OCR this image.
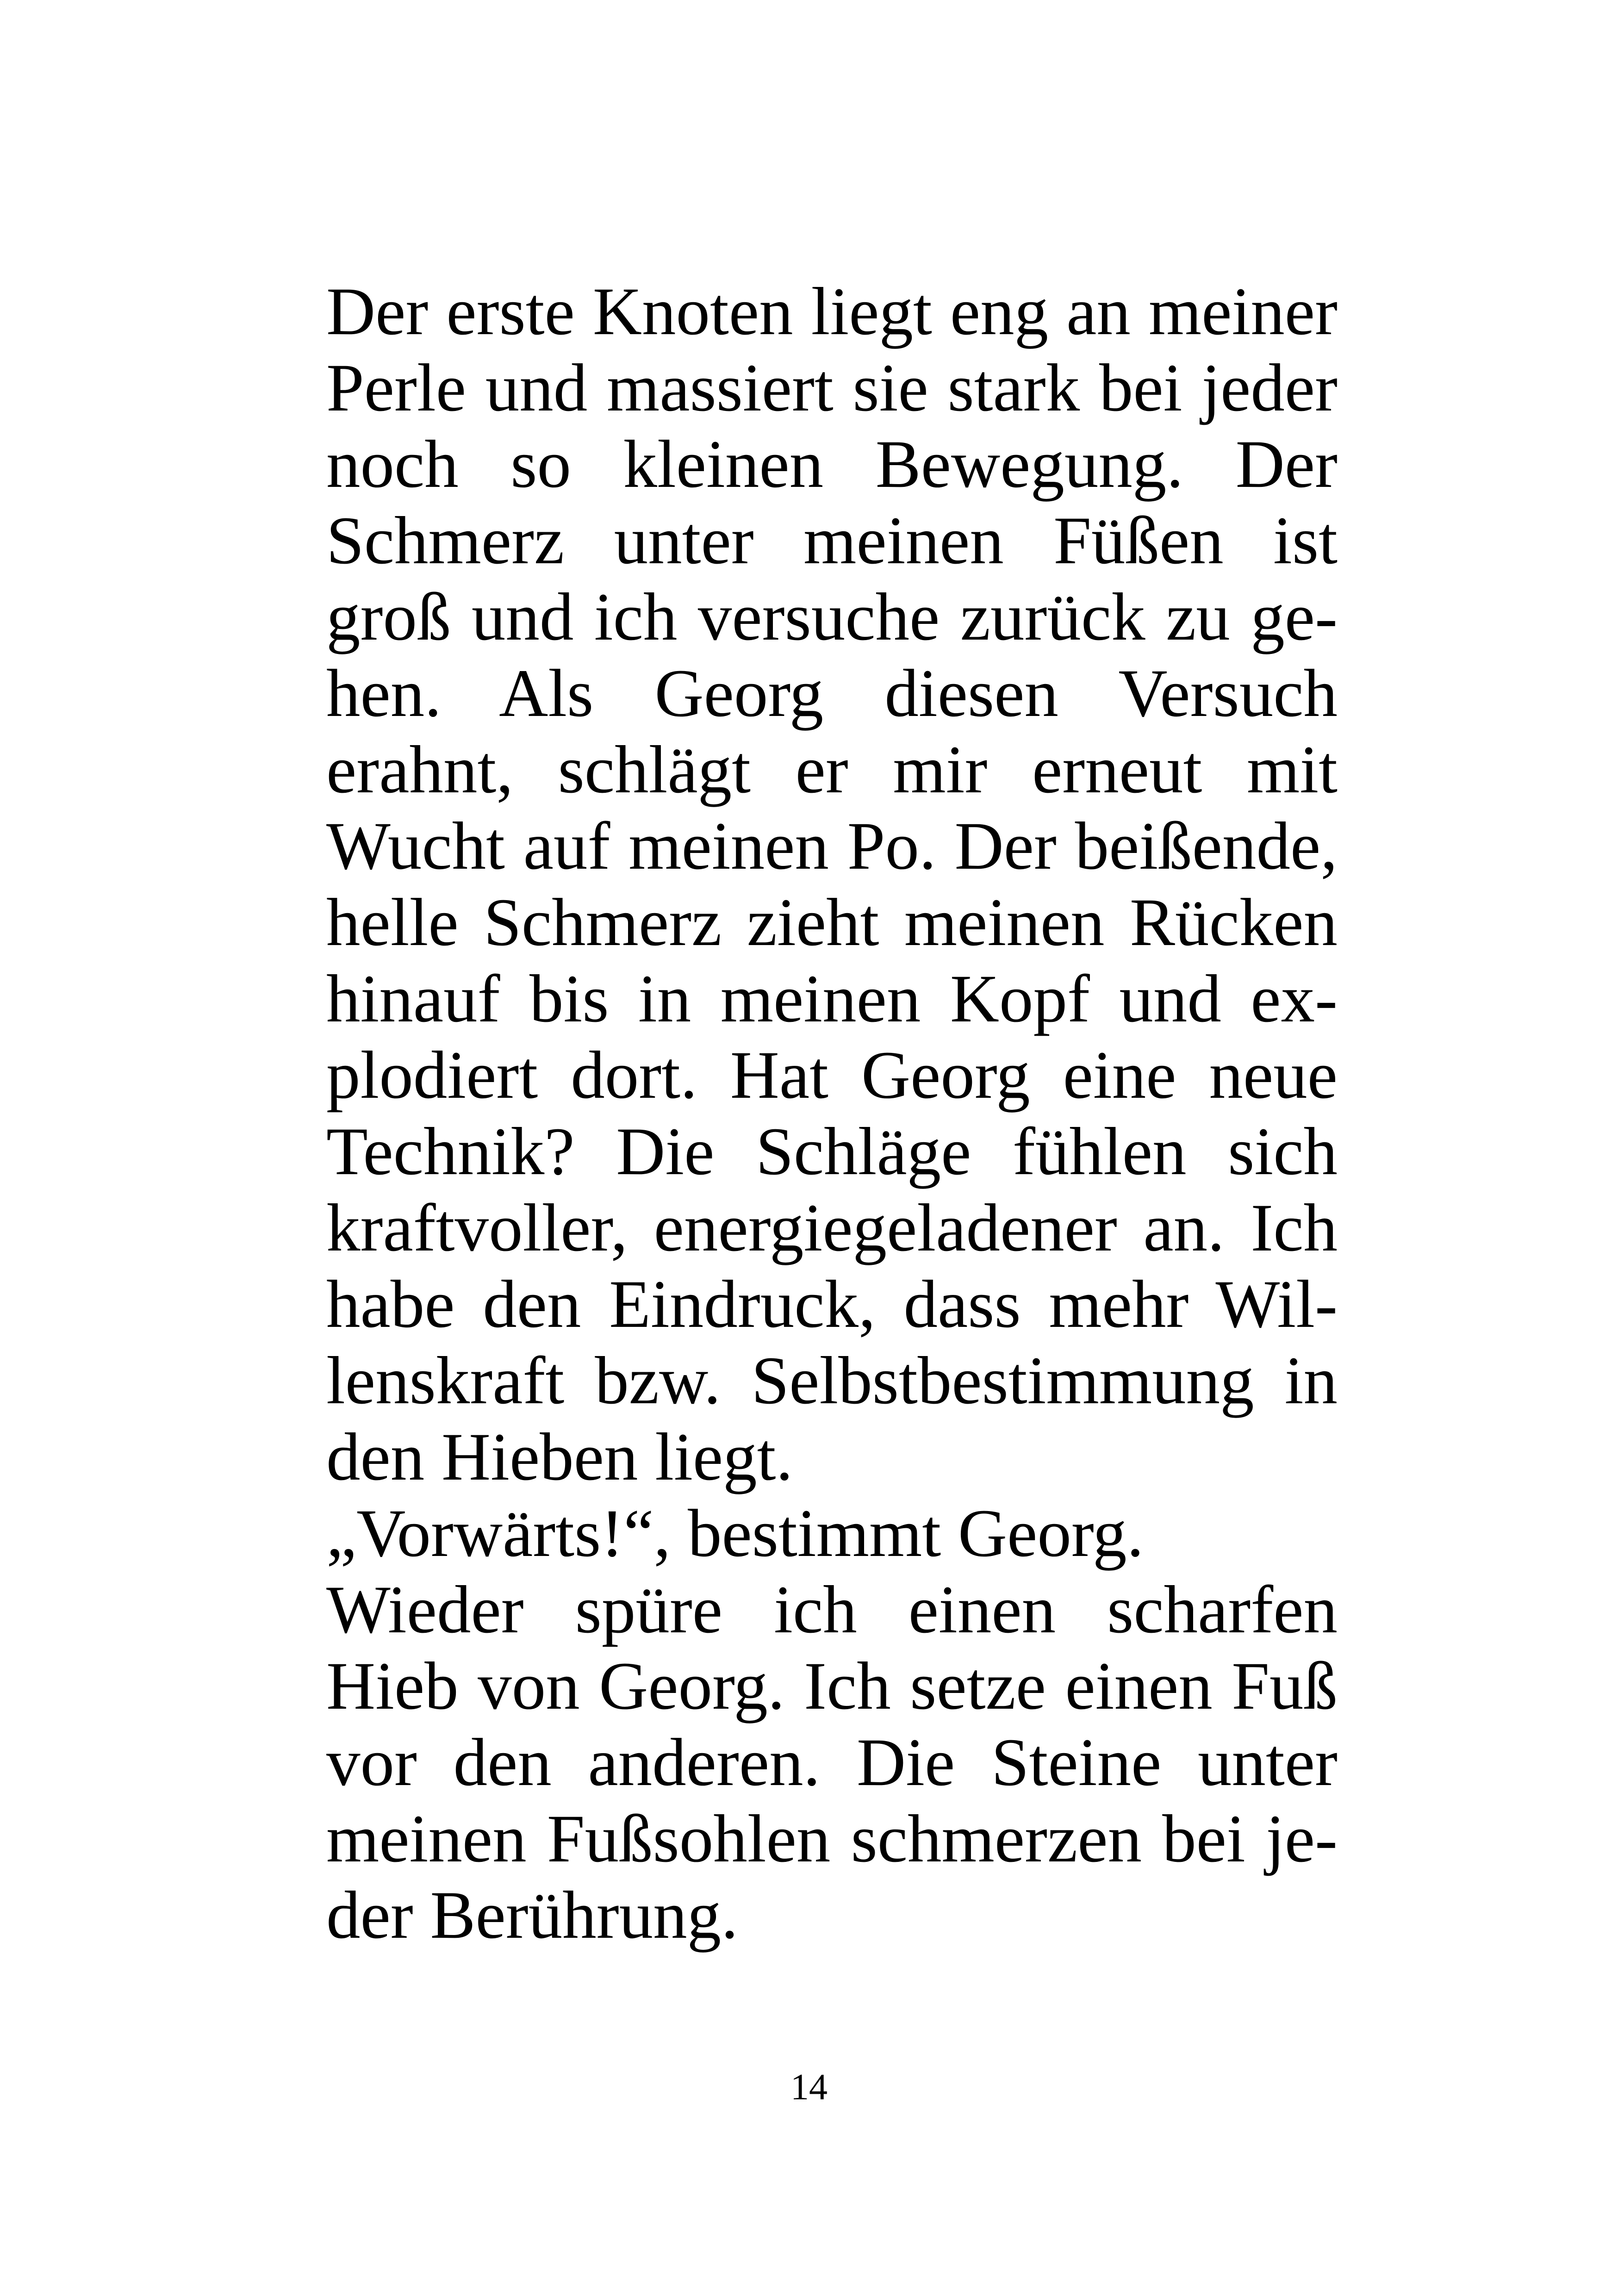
Der erste Knoten liegt eng an meiner
Perle und massiert sie stark bei jeder
noch so kleinen Bewegung. Der
Schmerz unter meinen Füßen ist
groß und ich versuche zurück zu ge-
hen. Als Georg diesen Versuch
erahnt, schlägt er mir erneut mit
Wucht auf meinen Po. Der beißende,
helle Schmerz zieht meinen Rücken
hinauf bis in meinen Kopf und ex-
plodiert dort. Hat Georg eine neue
Technik? Die Schläge fühlen sich
kraftvoller, energiegeladener an. Ich
habe den Eindruck, dass mehr Wil-
lenskraft bzw. Selbstbestimmung in
den Hieben liegt.
„Vorwärts!“, bestimmt Georg.
Wieder spüre ich einen scharfen
Hieb von Georg. Ich setze einen Fuß
vor den anderen. Die Steine unter
meinen Fußsohlen schmerzen bei je-
der Berührung.
14
